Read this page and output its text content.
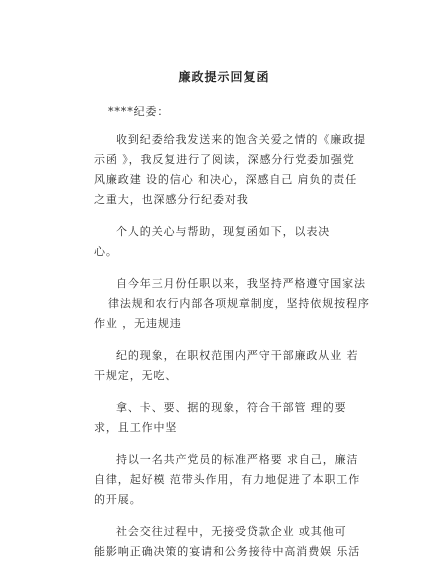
廉政提示回复函
****纪委：
收到纪委给我发送来的饱含关爱之情的《廉政提
示函 》，我反复进行了阅读，深感分行党委加强党
风廉政建 设的信心 和决心，深感自己 肩负的责任
之重大，也深感分行纪委对我
个人的关心与帮助，现复函如下，以表决
心。
自今年三月份任职以来，我坚持严格遵守国家法
律法规和农行内部各项规章制度，坚持依规按程序
作业 ，无违规违
纪的现象，在职权范围内严守干部廉政从业 若
干规定，无吃、
拿、卡、要、据的现象，符合干部管 理的要
求，且工作中坚
持以一名共产党员的标准严格要 求自己，廉洁
自律，起好模 范带头作用，有力地促进了本职工作
的开展。
社会交往过程中，无接受贷款企业 或其他可
能影响正确决策的宴请和公务接待中高消费娱 乐活
